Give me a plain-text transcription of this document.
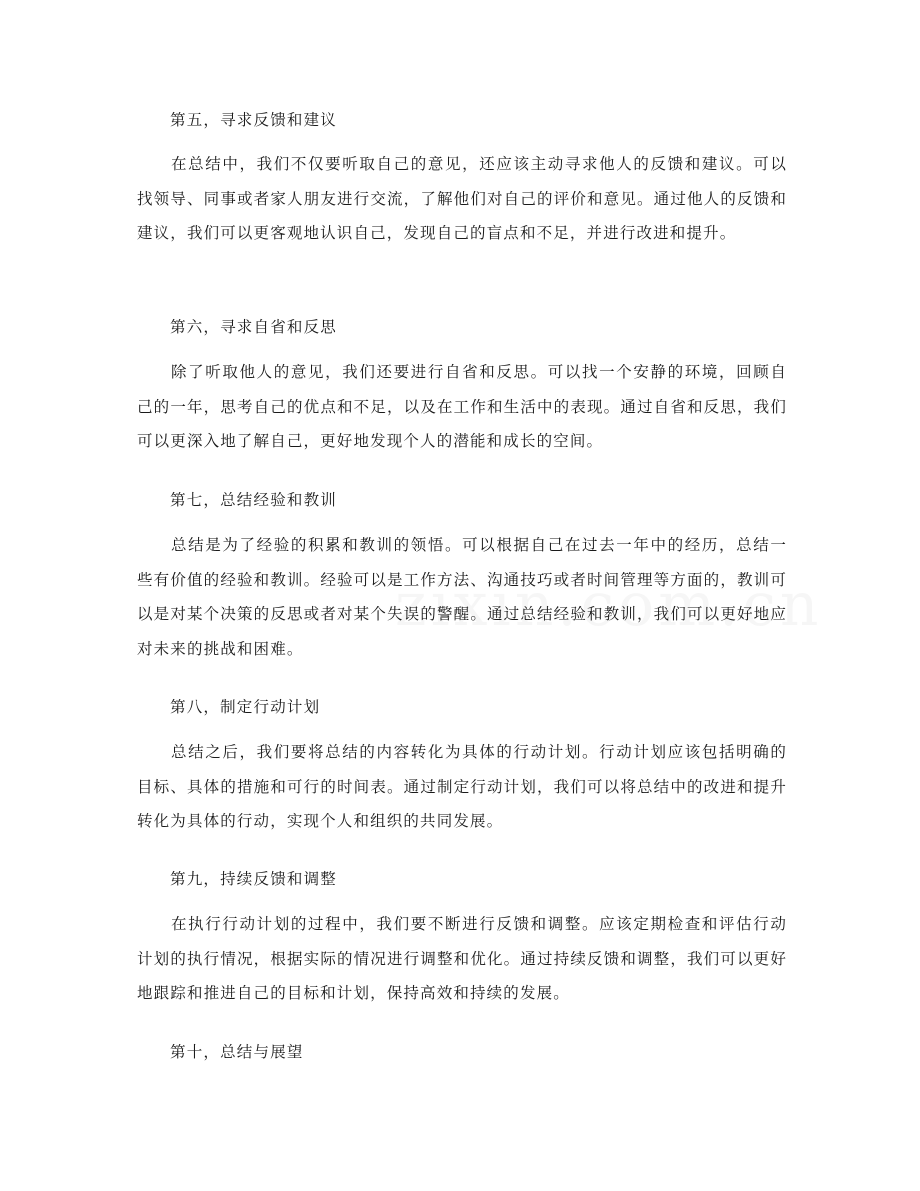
第五，寻求反馈和建议

在总结中，我们不仅要听取自己的意见，还应该主动寻求他人的反馈和建议。可以找领导、同事或者家人朋友进行交流，了解他们对自己的评价和意见。通过他人的反馈和建议，我们可以更客观地认识自己，发现自己的盲点和不足，并进行改进和提升。

第六，寻求自省和反思

除了听取他人的意见，我们还要进行自省和反思。可以找一个安静的环境，回顾自己的一年，思考自己的优点和不足，以及在工作和生活中的表现。通过自省和反思，我们可以更深入地了解自己，更好地发现个人的潜能和成长的空间。

第七，总结经验和教训

总结是为了经验的积累和教训的领悟。可以根据自己在过去一年中的经历，总结一些有价值的经验和教训。经验可以是工作方法、沟通技巧或者时间管理等方面的，教训可以是对某个决策的反思或者对某个失误的警醒。通过总结经验和教训，我们可以更好地应对未来的挑战和困难。

第八，制定行动计划

总结之后，我们要将总结的内容转化为具体的行动计划。行动计划应该包括明确的目标、具体的措施和可行的时间表。通过制定行动计划，我们可以将总结中的改进和提升转化为具体的行动，实现个人和组织的共同发展。

第九，持续反馈和调整

在执行行动计划的过程中，我们要不断进行反馈和调整。应该定期检查和评估行动计划的执行情况，根据实际的情况进行调整和优化。通过持续反馈和调整，我们可以更好地跟踪和推进自己的目标和计划，保持高效和持续的发展。

第十，总结与展望
